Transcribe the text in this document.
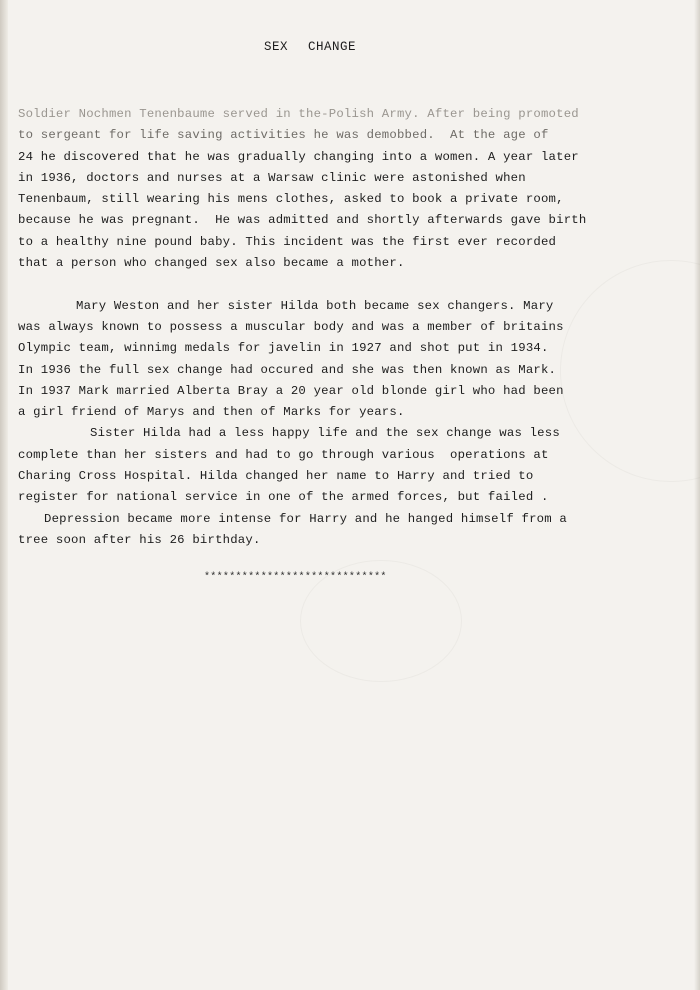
SEX CHANGE
Soldier Nochmen Tenenbaume served in the-Polish Army. After being promoted
to sergeant for life saving activities he was demobbed.  At the age of
24 he discovered that he was gradually changing into a women. A year later
in 1936, doctors and nurses at a Warsaw clinic were astonished when
Tenenbaum, still wearing his mens clothes, asked to book a private room,
because he was pregnant.  He was admitted and shortly afterwards gave birth
to a healthy nine pound baby. This incident was the first ever recorded
that a person who changed sex also became a mother.
Mary Weston and her sister Hilda both became sex changers. Mary
was always known to possess a muscular body and was a member of britains
Olympic team, winnimg medals for javelin in 1927 and shot put in 1934.
In 1936 the full sex change had occured and she was then known as Mark.
In 1937 Mark married Alberta Bray a 20 year old blonde girl who had been
a girl friend of Marys and then of Marks for years.
Sister Hilda had a less happy life and the sex change was less
complete than her sisters and had to go through various  operations at
Charing Cross Hospital. Hilda changed her name to Harry and tried to
register for national service in one of the armed forces, but failed .
Depression became more intense for Harry and he hanged himself from a
tree soon after his 26 birthday.
*****************************
